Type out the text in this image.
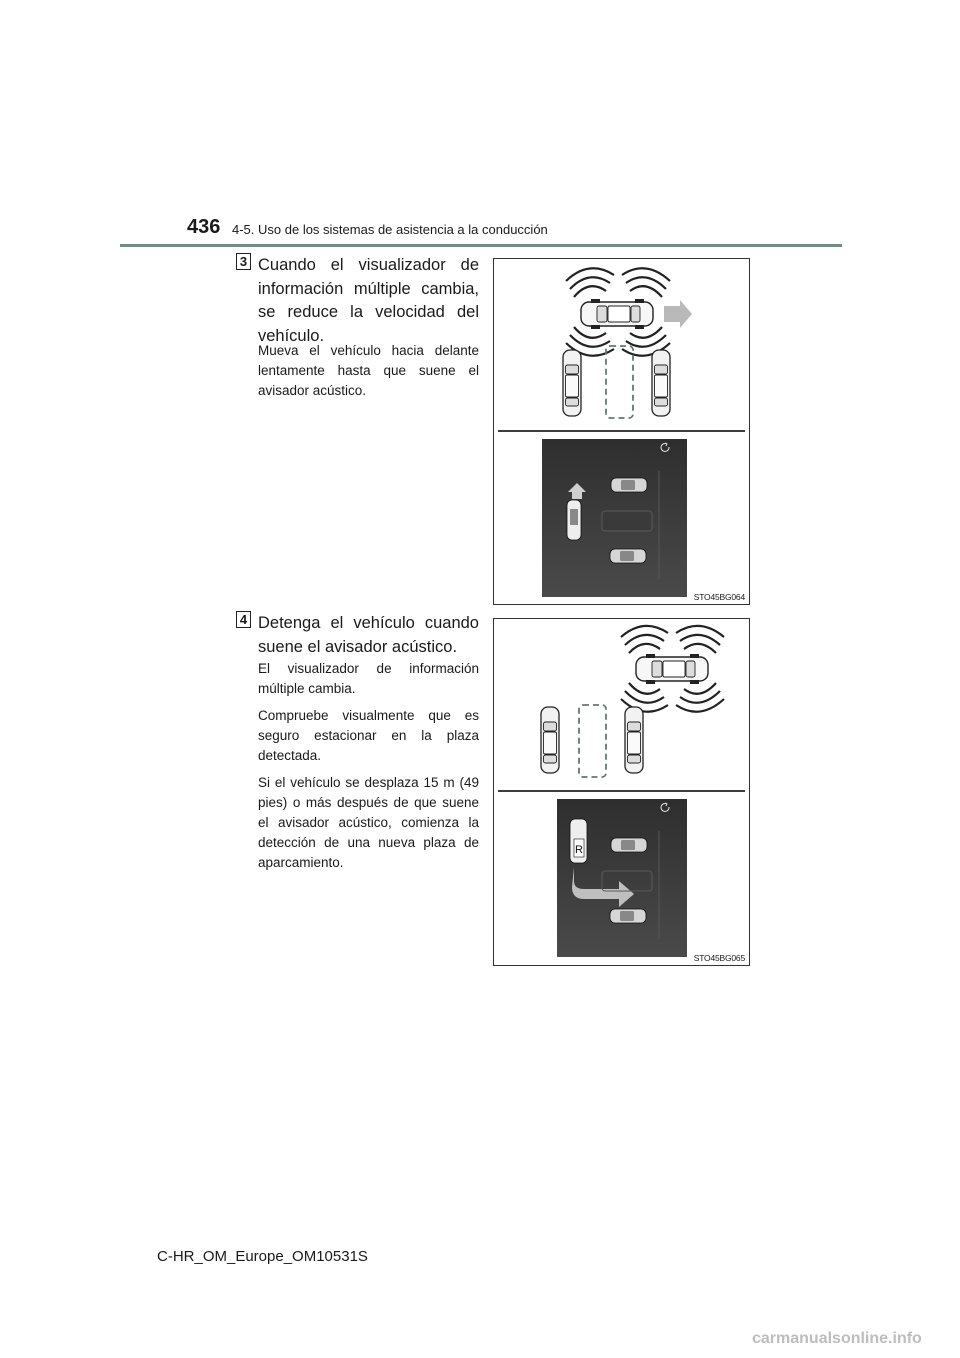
436 4-5. Uso de los sistemas de asistencia a la conducción
3 Cuando el visualizador de información múltiple cambia, se reduce la velocidad del vehículo.

Mueva el vehículo hacia delante lentamente hasta que suene el avisador acústico.

STO45BG064
4 Detenga el vehículo cuando suene el avisador acústico.

El visualizador de información múltiple cambia.

Compruebe visualmente que es seguro estacionar en la plaza detectada.

Si el vehículo se desplaza 15 m (49 pies) o más después de que suene el avisador acústico, comienza la detección de una nueva plaza de aparcamiento.

R
STO45BG065
C-HR_OM_Europe_OM10531S
carmanualsonline.info
